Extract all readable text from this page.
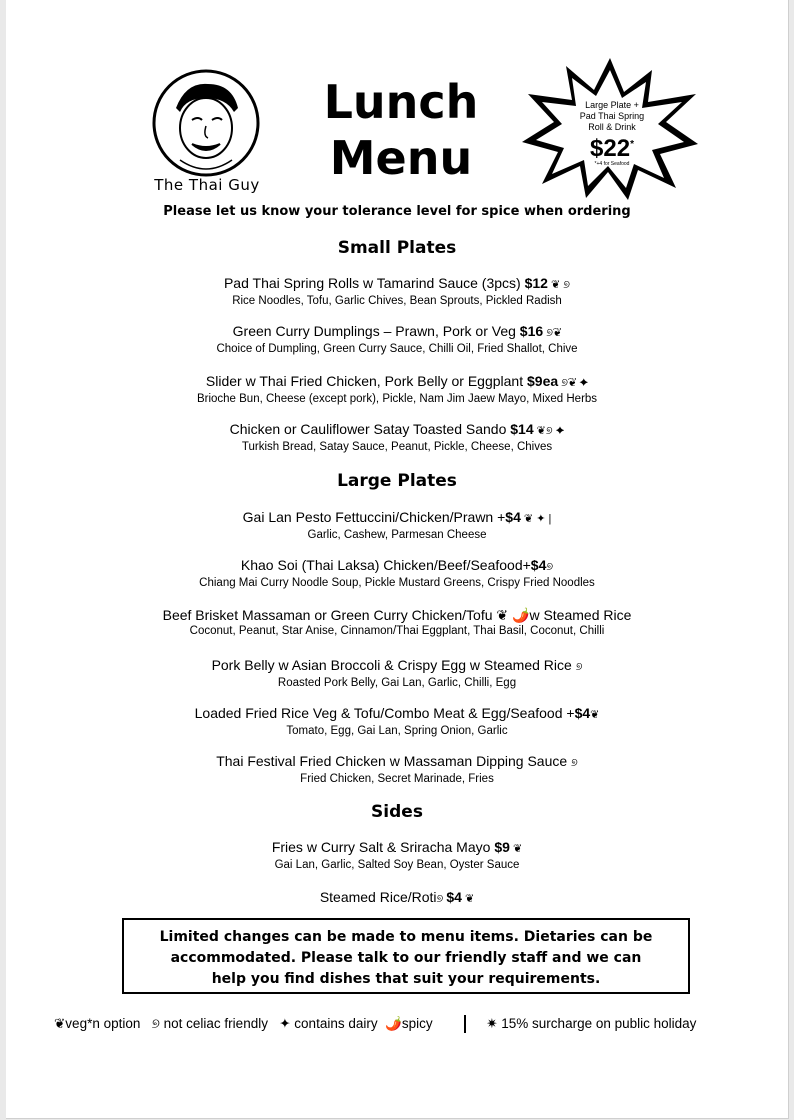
The Thai Guy
Lunch
Menu
Large Plate +
Pad Thai Spring
Roll & Drink
$22*
*+4 for Seafood
Please let us know your tolerance level for spice when ordering
Small Plates
Pad Thai Spring Rolls w Tamarind Sauce (3pcs) $12 ❦ ୭
Rice Noodles, Tofu, Garlic Chives, Bean Sprouts, Pickled Radish
Green Curry Dumplings – Prawn, Pork or Veg $16 ୭❦
Choice of Dumpling, Green Curry Sauce, Chilli Oil, Fried Shallot, Chive
Slider w Thai Fried Chicken, Pork Belly or Eggplant $9ea ୭❦ ✦
Brioche Bun, Cheese (except pork), Pickle, Nam Jim Jaew Mayo, Mixed Herbs
Chicken or Cauliflower Satay Toasted Sando $14 ❦୭ ✦
Turkish Bread, Satay Sauce, Peanut, Pickle, Cheese, Chives
Large Plates
Gai Lan Pesto Fettuccini/Chicken/Prawn +$4 ❦ ✦ |
Garlic, Cashew, Parmesan Cheese
Khao Soi (Thai Laksa) Chicken/Beef/Seafood+$4୭
Chiang Mai Curry Noodle Soup, Pickle Mustard Greens, Crispy Fried Noodles
Beef Brisket Massaman or Green Curry Chicken/Tofu ❦ 🌶️w Steamed Rice
Coconut, Peanut, Star Anise, Cinnamon/Thai Eggplant, Thai Basil, Coconut, Chilli
Pork Belly w Asian Broccoli & Crispy Egg w Steamed Rice ୭
Roasted Pork Belly, Gai Lan, Garlic, Chilli, Egg
Loaded Fried Rice Veg & Tofu/Combo Meat & Egg/Seafood +$4❦
Tomato, Egg, Gai Lan, Spring Onion, Garlic
Thai Festival Fried Chicken w Massaman Dipping Sauce ୭
Fried Chicken, Secret Marinade, Fries
Sides
Fries w Curry Salt & Sriracha Mayo $9 ❦
Gai Lan, Garlic, Salted Soy Bean, Oyster Sauce
Steamed Rice/Roti୭ $4 ❦
Limited changes can be made to menu items. Dietaries can be
accommodated. Please talk to our friendly staff and we can
help you find dishes that suit your requirements.
❦veg*n option ୭ not celiac friendly ✦ contains dairy 🌶️spicy	✷ 15% surcharge on public holiday
